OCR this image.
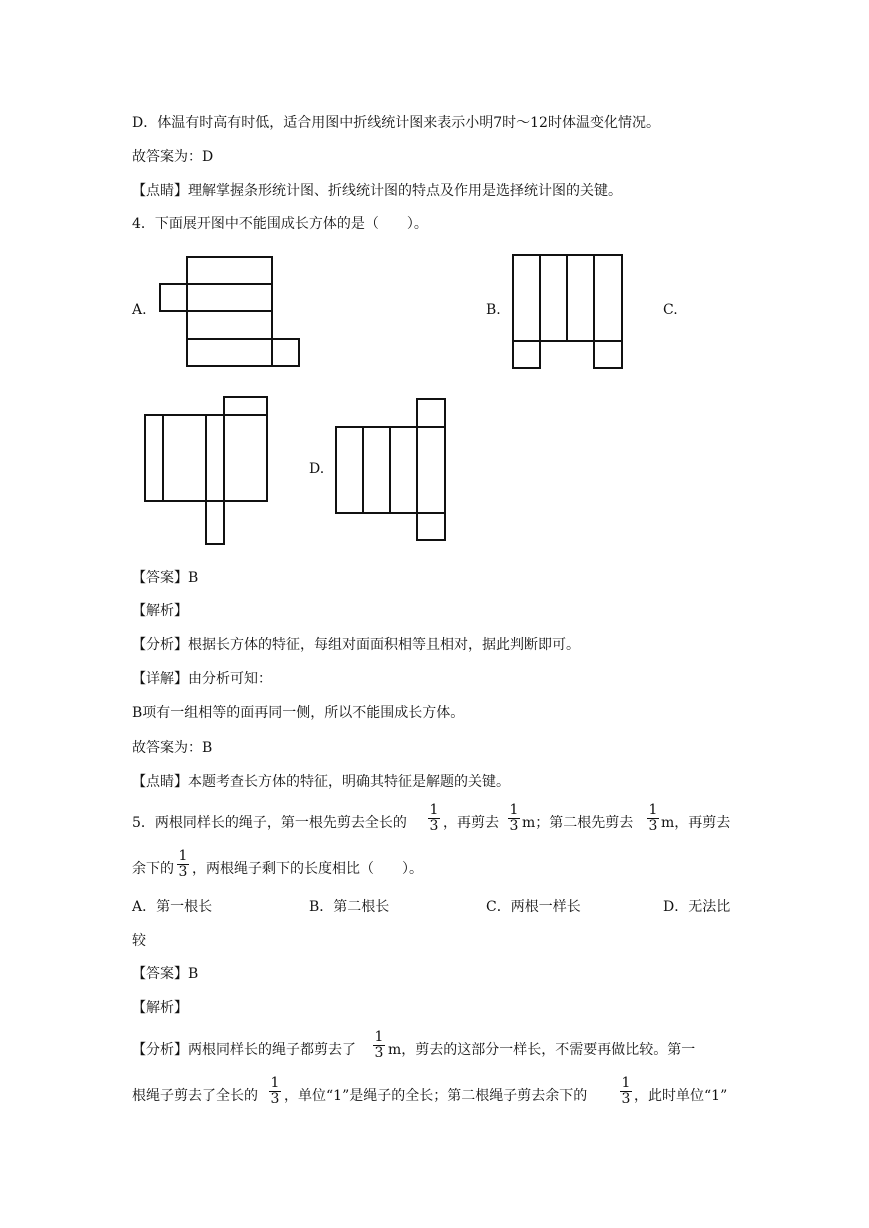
D．体温有时高有时低，适合用图中折线统计图来表示小明7时～12时体温变化情况。
故答案为：D
【点睛】理解掌握条形统计图、折线统计图的特点及作用是选择统计图的关键。
4．下面展开图中不能围成长方体的是（　　）。
A.	B.	C.
D.
【答案】B
【解析】
【分析】根据长方体的特征，每组对面面积相等且相对，据此判断即可。
【详解】由分析可知：
B项有一组相等的面再同一侧，所以不能围成长方体。
故答案为：B
【点睛】本题考查长方体的特征，明确其特征是解题的关键。
5．两根同样长的绳子，第一根先剪去全长的
1
3 ，再剪去
1
3 m；第二根先剪去
1
3 m，再剪去
余下的
1
3 ，两根绳子剩下的长度相比（　　）。
A．第一根长	B．第二根长	C．两根一样长	D．无法比
较
【答案】B
【解析】
【分析】两根同样长的绳子都剪去了
1
3 m，剪去的这部分一样长，不需要再做比较。第一
根绳子剪去了全长的
1
3 ，单位“1”是绳子的全长；第二根绳子剪去余下的
1
3 ，此时单位“1”
